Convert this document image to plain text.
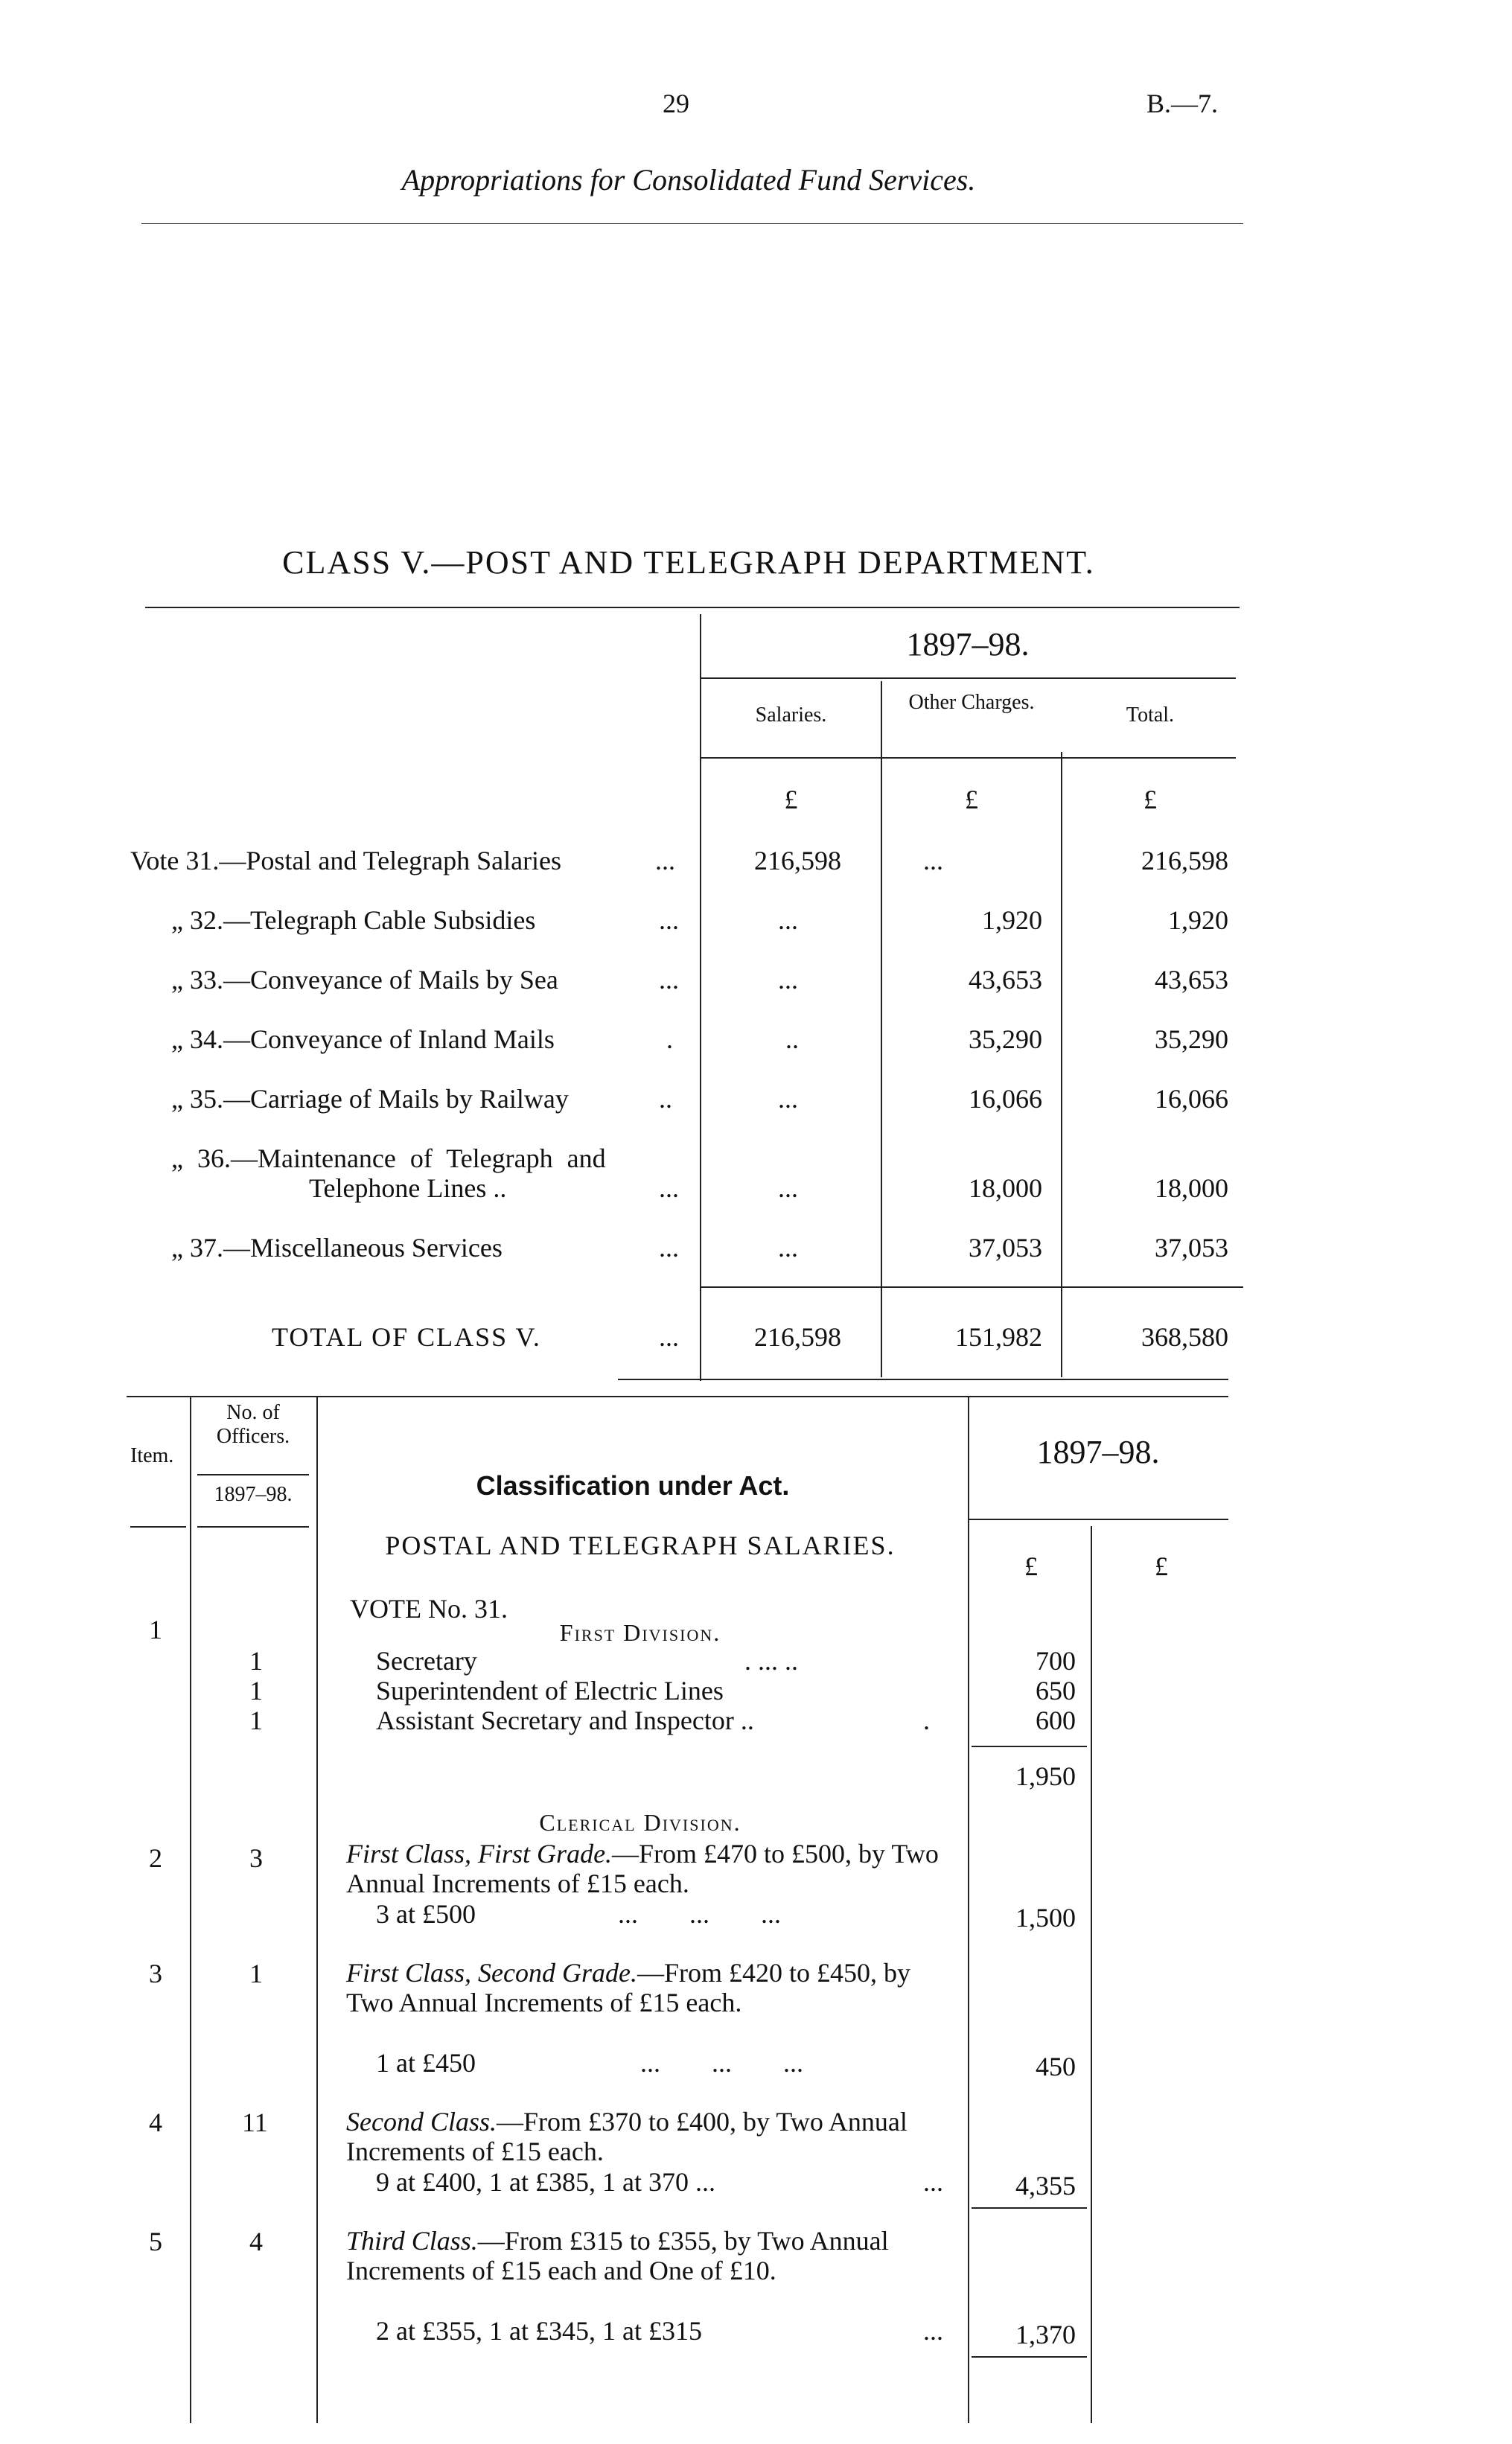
29	B.—7.
Appropriations for Consolidated Fund Services.
CLASS V.—POST AND TELEGRAPH DEPARTMENT.
1897–98.
Salaries.
Other Charges.
Total.
£	£	£
Vote 31.—Postal and Telegraph Salaries	...	216,598	...	216,598
„ 32.—Telegraph Cable Subsidies	...	...	1,920	1,920
„ 33.—Conveyance of Mails by Sea	...	...	43,653	43,653
„ 34.—Conveyance of Inland Mails	.	..	35,290	35,290
„ 35.—Carriage of Mails by Railway	..	...	16,066	16,066
„ 36.—Maintenance of Telegraph and
Telephone Lines ..	...	...	18,000	18,000
„ 37.—Miscellaneous Services	...	...	37,053	37,053
TOTAL OF CLASS V.	...	216,598	151,982	368,580
Item.
No. of Officers.
1897–98.	Classification under Act.
1897–98.
£	£
POSTAL AND TELEGRAPH SALARIES.
VOTE No. 31.
First Division.
1
1	Secretary	. ... ..	700
1	Superintendent of Electric Lines	650
1	Assistant Secretary and Inspector ..	.	600
1,950
Clerical Division.
2	3	First Class, First Grade.—From £470 to £500, by Two Annual Increments of £15 each.
3 at £500	... ... ...	1,500
3	1	First Class, Second Grade.—From £420 to £450, by Two Annual Increments of £15 each.
1 at £450	... ... ...	450
4	11	Second Class.—From £370 to £400, by Two Annual Increments of £15 each.
9 at £400, 1 at £385, 1 at 370 ...	...	4,355
5	4	Third Class.—From £315 to £355, by Two Annual Increments of £15 each and One of £10.
2 at £355, 1 at £345, 1 at £315	...	1,370
